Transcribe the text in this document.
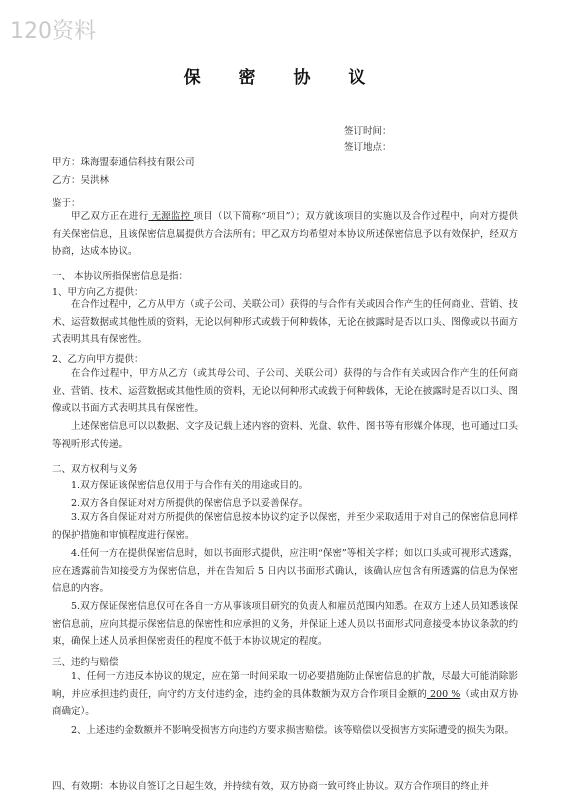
120资料
保 密 协 议
签订时间：
签订地点：
甲方：珠海盟泰通信科技有限公司
乙方：吴洪林
鉴于：
甲乙双方正在进行 无源监控 项目（以下简称“项目”）；双方就该项目的实施以及合作过程中，向对方提供有关保密信息，且该保密信息属提供方合法所有；甲乙双方均希望对本协议所述保密信息予以有效保护，经双方协商，达成本协议。
一、 本协议所指保密信息是指：
1、甲方向乙方提供：
在合作过程中，乙方从甲方（或子公司、关联公司）获得的与合作有关或因合作产生的任何商业、营销、技术、运营数据或其他性质的资料，无论以何种形式或载于何种载体，无论在披露时是否以口头、图像或以书面方式表明其具有保密性。
2、乙方向甲方提供：
在合作过程中，甲方从乙方（或其母公司、子公司、关联公司）获得的与合作有关或因合作产生的任何商业、营销、技术、运营数据或其他性质的资料，无论以何种形式或载于何种载体，无论在披露时是否以口头、图像或以书面方式表明其具有保密性。
上述保密信息可以以数据、文字及记载上述内容的资料、光盘、软件、图书等有形媒介体现，也可通过口头等视听形式传递。
二、双方权利与义务
1.双方保证该保密信息仅用于与合作有关的用途或目的。
2.双方各自保证对对方所提供的保密信息予以妥善保存。
3.双方各自保证对对方所提供的保密信息按本协议约定予以保密，并至少采取适用于对自己的保密信息同样的保护措施和审慎程度进行保密。
4.任何一方在提供保密信息时，如以书面形式提供，应注明“保密”等相关字样；如以口头或可视形式透露，应在透露前告知接受方为保密信息，并在告知后 5 日内以书面形式确认，该确认应包含有所透露的信息为保密信息的内容。
5.双方保证保密信息仅可在各自一方从事该项目研究的负责人和雇员范围内知悉。在双方上述人员知悉该保密信息前，应向其提示保密信息的保密性和应承担的义务，并保证上述人员以书面形式同意接受本协议条款的约束，确保上述人员承担保密责任的程度不低于本协议规定的程度。
三、违约与赔偿
1、任何一方违反本协议的规定，应在第一时间采取一切必要措施防止保密信息的扩散，尽最大可能消除影响，并应承担违约责任，向守约方支付违约金，违约金的具体数额为双方合作项目金额的 200 %（或由双方协商确定）。
2、上述违约金数额并不影响受损害方向违约方要求损害赔偿。该等赔偿以受损害方实际遭受的损失为限。
四、有效期：本协议自签订之日起生效，并持续有效，双方协商一致可终止协议。双方合作项目的终止并
